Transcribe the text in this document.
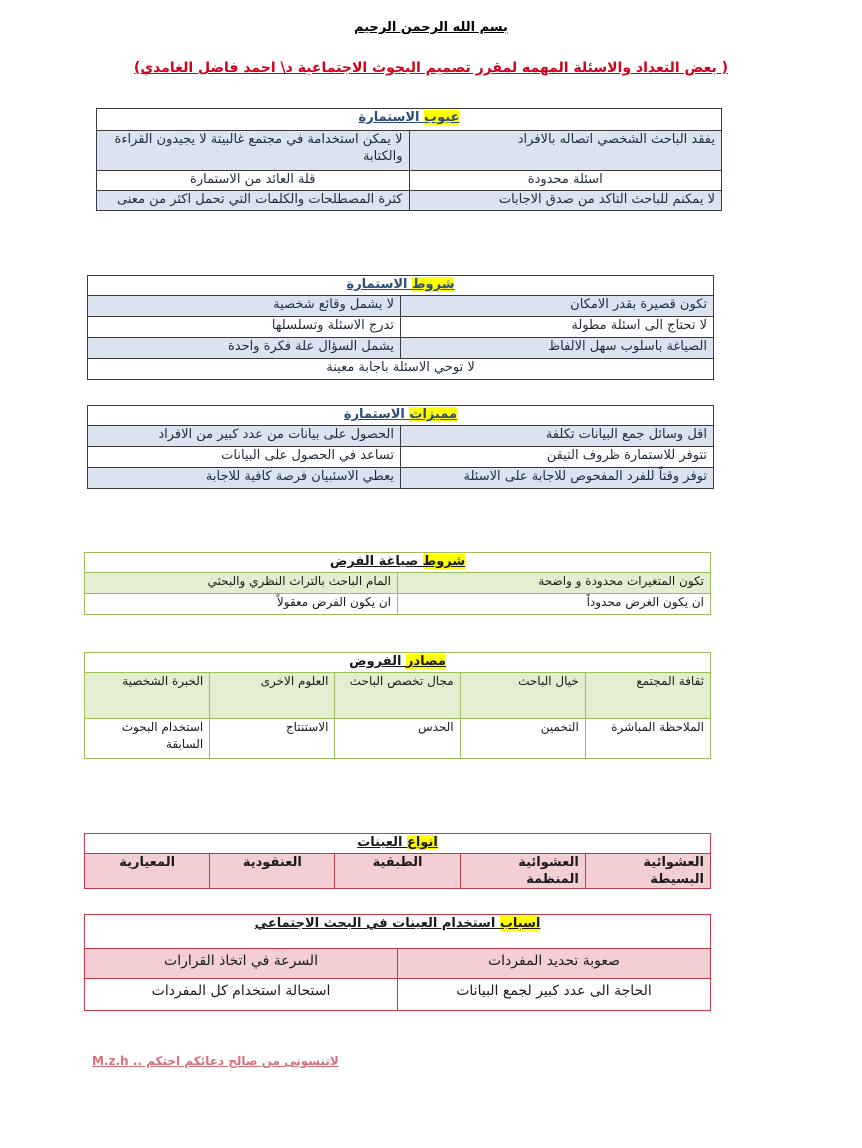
بسم الله الرحمن الرحيم
( بعض التعداد والاسئلة المهمه لمقرر تصميم البحوث الاجتماعية د\ احمد فاضل الغامدي)
عيوب الاستمارة	
يفقد الباحث الشخصي اتصاله بالافراد	لا يمكن استخدامة في مجتمع غالبيتة لا يجيدون القراءة والكتابة
اسئلة محدودة	قلة العائد من الاستمارة
لا يمكنم للباحث التاكد من صدق الاجابات	كثرة المصطلحات والكلمات التي تحمل اكثر من معنى
شروط الاستمارة	
تكون قصيرة بقدر الامكان	لا يشمل وقائع شخصية
لا تحتاج الى اسئلة مطولة	تدرج الاسئلة وتسلسلها
الصياغة باسلوب سهل الالفاظ	يشمل السؤال علة فكرة واحدة
لا توحي الاسئلة باجابة معينة	
مميزات الاستمارة	
اقل وسائل جمع البيانات تكلفة	الحصول على بيانات من عدد كبير من الافراد
تتوفر للاستمارة ظروف التيقن	تساعد في الحصول على البيانات
توفر وقتاً للفرد المفحوص للاجابة على الاسئلة	يعطي الاسئبيان فرصة كافية للاجابة
شروط صياغة الفرض	
تكون المتغيرات محدودة و واضحة	المام الباحث بالتراث النظري والبحثي
ان يكون الغرض محدوداً	ان يكون الفرض معقولاً
مصادر الفروض				
ثقافة المجتمع	خيال الباحث	مجال تخصص الباحث	العلوم الاخرى	الخبرة الشخصية
الملاحظة المباشرة	التخمين	الحدس	الاستنتاج	استخدام البحوث السابقة
انواع العينات
العشوائية البسيطة	العشوائية المنظمة	الطبقية	العنقودية	المعيارية
اسباب استخدام العينات في البحث الاجتماعي	
صعوبة تحديد المفردات	السرعة في اتخاذ القرارات
الحاجة الى عدد كبير لجمع البيانات	استحالة استخدام كل المفردات
لاتنسونى من صالح دعائكم احتكم .. M.z.h
